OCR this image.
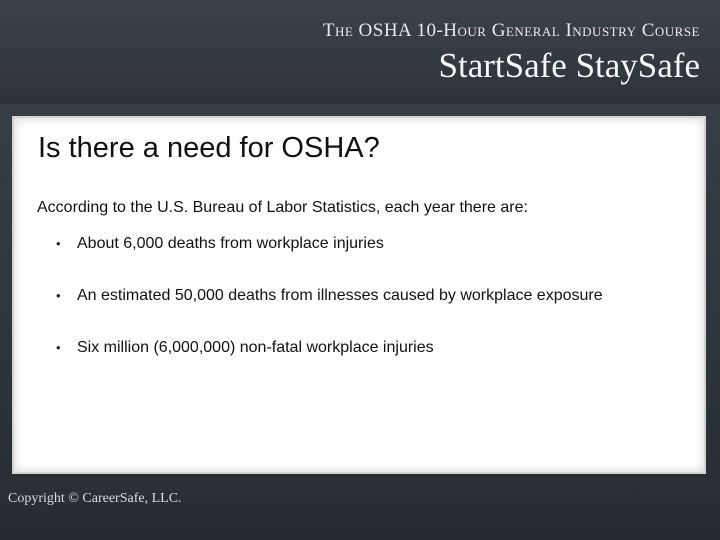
The OSHA 10-Hour General Industry Course
StartSafe StaySafe
Is there a need for OSHA?
According to the U.S. Bureau of Labor Statistics, each year there are:
• About 6,000 deaths from workplace injuries
• An estimated 50,000 deaths from illnesses caused by workplace exposure
• Six million (6,000,000) non-fatal workplace injuries
Copyright © CareerSafe, LLC.
